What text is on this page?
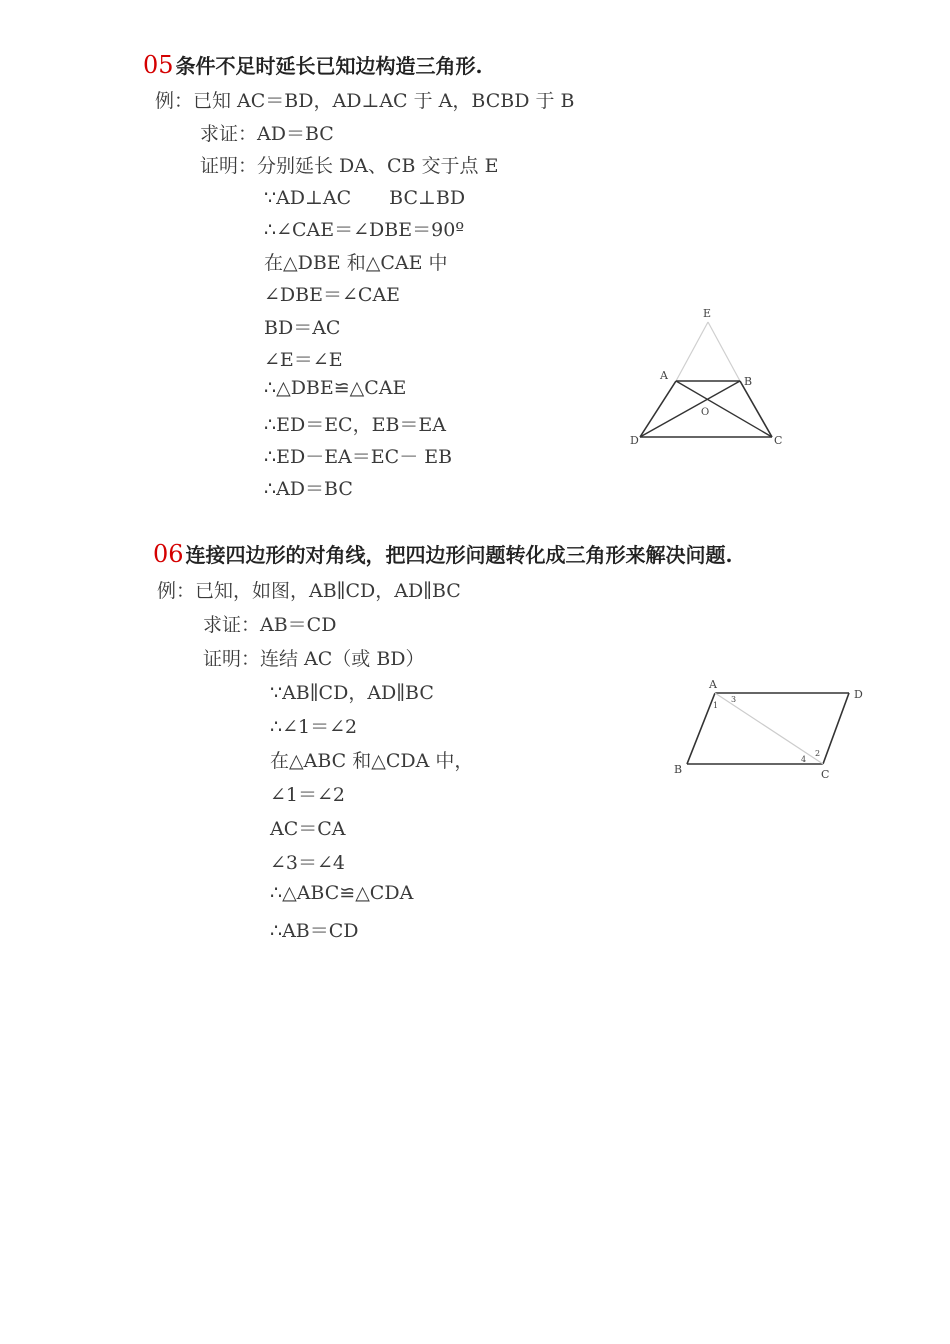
05 条件不足时延长已知边构造三角形.
例：已知 AC＝BD，AD⊥AC 于 A，BCBD 于 B
求证：AD＝BC
证明：分别延长 DA、CB 交于点 E
∵AD⊥AC　　BC⊥BD
∴∠CAE＝∠DBE＝90º
在△DBE 和△CAE 中
∠DBE＝∠CAE
BD＝AC
∠E＝∠E
∴△DBE≌△CAE
∴ED＝EC，EB＝EA
∴ED－EA＝EC－ EB
∴AD＝BC
E
A	B
O
D	C
06 连接四边形的对角线，把四边形问题转化成三角形来解决问题.
例：已知，如图，AB∥CD，AD∥BC
求证：AB＝CD
证明：连结 AC（或 BD）
∵AB∥CD，AD∥BC
∴∠1＝∠2
在△ABC 和△CDA 中，
∠1＝∠2
AC＝CA
∠3＝∠4
∴△ABC≌△CDA
∴AB＝CD
A
D
B	C
1
3
2
4
